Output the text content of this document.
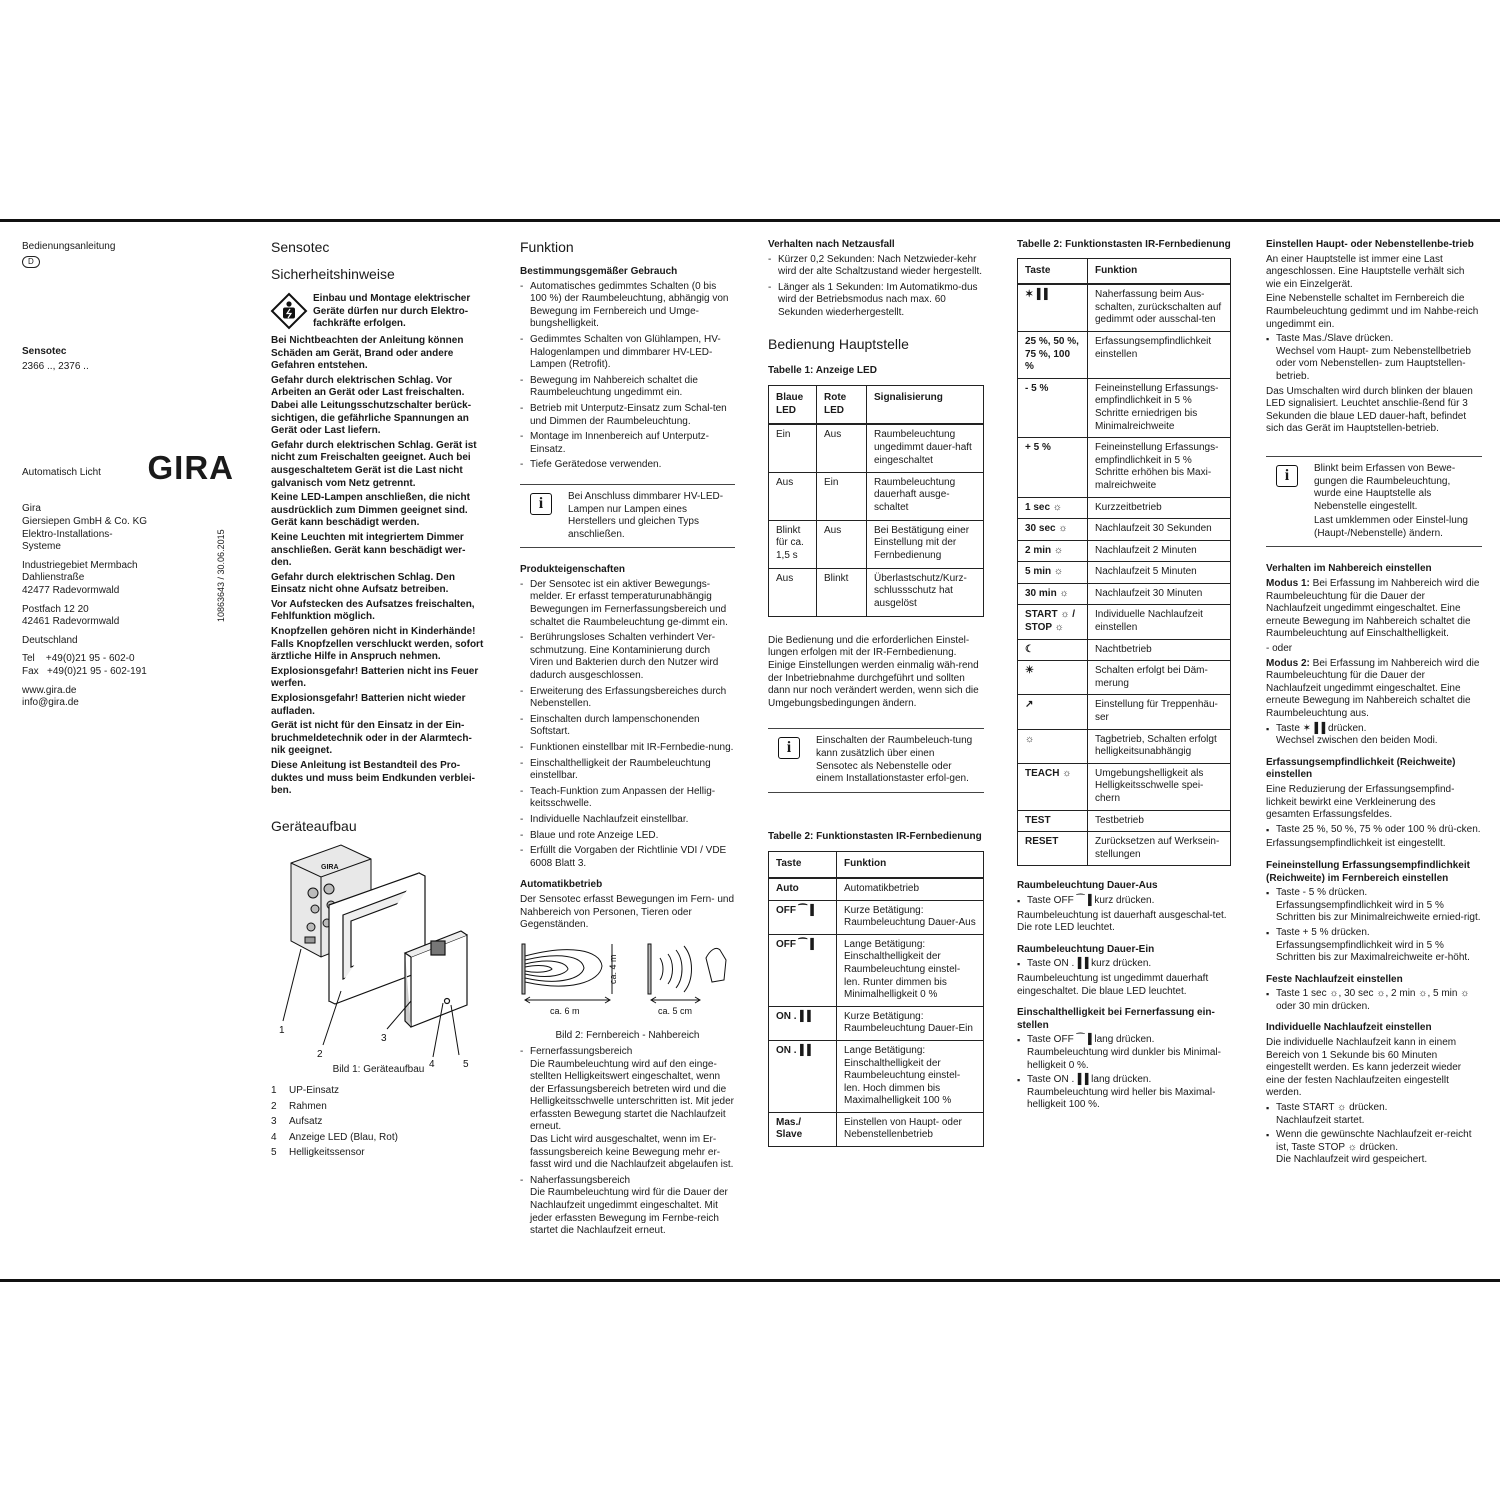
Bedienungsanleitung
D
Sensotec
2366 .., 2376 ..
Automatisch Licht GIRA
Gira
Giersiepen GmbH & Co. KG
Elektro-Installations-
Systeme
Industriegebiet Mermbach
Dahlienstraße
42477 Radevormwald
Postfach 12 20
42461 Radevormwald
Deutschland
Tel    +49(0)21 95 - 602-0
Fax   +49(0)21 95 - 602-191
www.gira.de
info@gira.de
10863643 / 30.06.2015
Sensotec
Sicherheitshinweise
Einbau und Montage elektrischer Geräte dürfen nur durch Elektro-fachkräfte erfolgen.

Bei Nichtbeachten der Anleitung können Schäden am Gerät, Brand oder andere Gefahren entstehen.

Gefahr durch elektrischen Schlag. Vor Arbeiten an Gerät oder Last freischalten. Dabei alle Leitungsschutzschalter berück-sichtigen, die gefährliche Spannungen an Gerät oder Last liefern.

Gefahr durch elektrischen Schlag. Gerät ist nicht zum Freischalten geeignet. Auch bei ausgeschaltetem Gerät ist die Last nicht galvanisch vom Netz getrennt.

Keine LED-Lampen anschließen, die nicht ausdrücklich zum Dimmen geeignet sind. Gerät kann beschädigt werden.

Keine Leuchten mit integriertem Dimmer anschließen. Gerät kann beschädigt wer-den.

Gefahr durch elektrischen Schlag. Den Einsatz nicht ohne Aufsatz betreiben.

Vor Aufstecken des Aufsatzes freischalten, Fehlfunktion möglich.

Knopfzellen gehören nicht in Kinderhände! Falls Knopfzellen verschluckt werden, sofort ärztliche Hilfe in Anspruch nehmen.

Explosionsgefahr! Batterien nicht ins Feuer werfen.

Explosionsgefahr! Batterien nicht wieder aufladen.

Gerät ist nicht für den Einsatz in der Ein-bruchmeldetechnik oder in der Alarmtech-nik geeignet.

Diese Anleitung ist Bestandteil des Pro-duktes und muss beim Endkunden verblei-ben.

Geräteaufbau
GIRA
1
2
3
4	5
Bild 1: Geräteaufbau
1 UP-Einsatz
2 Rahmen
3 Aufsatz
4 Anzeige LED (Blau, Rot)
5 Helligkeitssensor
Funktion
Bestimmungsgemäßer Gebrauch
- Automatisches gedimmtes Schalten (0 bis 100 %) der Raumbeleuchtung, abhängig von Bewegung im Fernbereich und Umge-bungshelligkeit.
- Gedimmtes Schalten von Glühlampen, HV-Halogenlampen und dimmbarer HV-LED-Lampen (Retrofit).
- Bewegung im Nahbereich schaltet die Raumbeleuchtung ungedimmt ein.
- Betrieb mit Unterputz-Einsatz zum Schal-ten und Dimmen der Raumbeleuchtung.
- Montage im Innenbereich auf Unterputz-Einsatz.
- Tiefe Gerätedose verwenden.
i	Bei Anschluss dimmbarer HV-LED-Lampen nur Lampen eines Herstellers und gleichen Typs anschließen.
Produkteigenschaften
- Der Sensotec ist ein aktiver Bewegungs-melder. Er erfasst temperaturunabhängig Bewegungen im Fernerfassungsbereich und schaltet die Raumbeleuchtung ge-dimmt ein.
- Berührungsloses Schalten verhindert Ver-schmutzung. Eine Kontaminierung durch Viren und Bakterien durch den Nutzer wird dadurch ausgeschlossen.
- Erweiterung des Erfassungsbereiches durch Nebenstellen.
- Einschalten durch lampenschonenden Softstart.
- Funktionen einstellbar mit IR-Fernbedie-nung.
- Einschalthelligkeit der Raumbeleuchtung einstellbar.
- Teach-Funktion zum Anpassen der Hellig-keitsschwelle.
- Individuelle Nachlaufzeit einstellbar.
- Blaue und rote Anzeige LED.
- Erfüllt die Vorgaben der Richtlinie VDI / VDE 6008 Blatt 3.
Automatikbetrieb

Der Sensotec erfasst Bewegungen im Fern- und Nahbereich von Personen, Tieren oder Gegenständen.

ca. 4 m
ca. 6 m	ca. 5 cm
Bild 2: Fernbereich - Nahbereich
- Fernerfassungsbereich
Die Raumbeleuchtung wird auf den einge-stellten Helligkeitswert eingeschaltet, wenn der Erfassungsbereich betreten wird und die Helligkeitsschwelle unterschritten ist. Mit jeder erfassten Bewegung startet die Nachlaufzeit erneut.
Das Licht wird ausgeschaltet, wenn im Er-fassungsbereich keine Bewegung mehr er-fasst wird und die Nachlaufzeit abgelaufen ist.
- Naherfassungsbereich
Die Raumbeleuchtung wird für die Dauer der Nachlaufzeit ungedimmt eingeschaltet. Mit jeder erfassten Bewegung im Fernbe-reich startet die Nachlaufzeit erneut.
Verhalten nach Netzausfall
- Kürzer 0,2 Sekunden: Nach Netzwieder-kehr wird der alte Schaltzustand wieder hergestellt.
- Länger als 1 Sekunden: Im Automatikmo-dus wird der Betriebsmodus nach max. 60 Sekunden wiederhergestellt.
Bedienung Hauptstelle
Tabelle 1: Anzeige LED
Blaue LED	Rote LED	Signalisierung
Ein	Aus	Raumbeleuchtung ungedimmt dauer-haft eingeschaltet
Aus	Ein	Raumbeleuchtung dauerhaft ausge-schaltet
Blinkt für ca. 1,5 s	Aus	Bei Bestätigung einer Einstellung mit der Fernbedienung
Aus	Blinkt	Überlastschutz/Kurz-schlussschutz hat ausgelöst

Die Bedienung und die erforderlichen Einstel-lungen erfolgen mit der IR-Fernbedienung. Einige Einstellungen werden einmalig wäh-rend der Inbetriebnahme durchgeführt und sollten dann nur noch verändert werden, wenn sich die Umgebungsbedingungen ändern.

i	Einschalten der Raumbeleuch-tung kann zusätzlich über einen Sensotec als Nebenstelle oder einem Installationstaster erfol-gen.
Tabelle 2: Funktionstasten IR-Fernbedienung
Taste	Funktion
Auto	Automatikbetrieb
OFF ⁀▐	Kurze Betätigung: Raumbeleuchtung Dauer-Aus
OFF ⁀▐	Lange Betätigung: Einschalthelligkeit der Raumbeleuchtung einstel-len. Runter dimmen bis Minimalhelligkeit 0 %
ON .▐▐	Kurze Betätigung: Raumbeleuchtung Dauer-Ein
ON .▐▐	Lange Betätigung: Einschalthelligkeit der Raumbeleuchtung einstel-len. Hoch dimmen bis Maximalhelligkeit 100 %
Mas./ Slave	Einstellen von Haupt- oder Nebenstellenbetrieb
Tabelle 2: Funktionstasten IR-Fernbedienung
Taste	Funktion
✶▐▐	Naherfassung beim Aus-schalten, zurückschalten auf gedimmt oder ausschal-ten
25 %, 50 %, 75 %, 100 %	Erfassungsempfindlichkeit einstellen
- 5 %	Feineinstellung Erfassungs-empfindlichkeit in 5 % Schritte erniedrigen bis Minimalreichweite
+ 5 %	Feineinstellung Erfassungs-empfindlichkeit in 5 % Schritte erhöhen bis Maxi-malreichweite
1 sec ☼	Kurzzeitbetrieb
30 sec ☼	Nachlaufzeit 30 Sekunden
2 min ☼	Nachlaufzeit 2 Minuten
5 min ☼	Nachlaufzeit 5 Minuten
30 min ☼	Nachlaufzeit 30 Minuten
START ☼ / STOP ☼	Individuelle Nachlaufzeit einstellen
☾	Nachtbetrieb
☀	Schalten erfolgt bei Däm-merung
↗	Einstellung für Treppenhäu-ser
☼	Tagbetrieb, Schalten erfolgt helligkeitsunabhängig
TEACH ☼	Umgebungshelligkeit als Helligkeitsschwelle spei-chern
TEST	Testbetrieb
RESET	Zurücksetzen auf Werksein-stellungen
Raumbeleuchtung Dauer-Aus
▪ Taste OFF ⁀▐ kurz drücken.

Raumbeleuchtung ist dauerhaft ausgeschal-tet. Die rote LED leuchtet.

Raumbeleuchtung Dauer-Ein
▪ Taste ON .▐▐ kurz drücken.

Raumbeleuchtung ist ungedimmt dauerhaft eingeschaltet. Die blaue LED leuchtet.

Einschalthelligkeit bei Fernerfassung ein-stellen
▪ Taste OFF ⁀▐ lang drücken.
Raumbeleuchtung wird dunkler bis Minimal-helligkeit 0 %.
▪ Taste ON .▐▐ lang drücken.
Raumbeleuchtung wird heller bis Maximal-helligkeit 100 %.
Einstellen Haupt- oder Nebenstellenbe-trieb

An einer Hauptstelle ist immer eine Last angeschlossen. Eine Hauptstelle verhält sich wie ein Einzelgerät.

Eine Nebenstelle schaltet im Fernbereich die Raumbeleuchtung gedimmt und im Nahbe-reich ungedimmt ein.

▪ Taste Mas./Slave drücken.
Wechsel vom Haupt- zum Nebenstellbetrieb oder vom Nebenstellen- zum Hauptstellen-betrieb.

Das Umschalten wird durch blinken der blauen LED signalisiert. Leuchtet anschlie-ßend für 3 Sekunden die blaue LED dauer-haft, befindet sich das Gerät im Hauptstellen-betrieb.

i	Blinkt beim Erfassen von Bewe-gungen die Raumbeleuchtung, wurde eine Hauptstelle als Nebenstelle eingestellt.
Last umklemmen oder Einstel-lung (Haupt-/Nebenstelle) ändern.
Verhalten im Nahbereich einstellen

Modus 1: Bei Erfassung im Nahbereich wird die Raumbeleuchtung für die Dauer der Nachlaufzeit ungedimmt eingeschaltet. Eine erneute Bewegung im Nahbereich schaltet die Raumbeleuchtung auf Einschalthelligkeit.

- oder

Modus 2: Bei Erfassung im Nahbereich wird die Raumbeleuchtung für die Dauer der Nachlaufzeit ungedimmt eingeschaltet. Eine erneute Bewegung im Nahbereich schaltet die Raumbeleuchtung aus.

▪ Taste ✶▐▐ drücken.
Wechsel zwischen den beiden Modi.
Erfassungsempfindlichkeit (Reichweite) einstellen

Eine Reduzierung der Erfassungsempfind-lichkeit bewirkt eine Verkleinerung des gesamten Erfassungsfeldes.

▪ Taste 25 %, 50 %, 75 % oder 100 % drü-cken.

Erfassungsempfindlichkeit ist eingestellt.

Feineinstellung Erfassungsempfindlichkeit (Reichweite) im Fernbereich einstellen
▪ Taste - 5 % drücken.
Erfassungsempfindlichkeit wird in 5 % Schritten bis zur Minimalreichweite ernied-rigt.
▪ Taste + 5 % drücken.
Erfassungsempfindlichkeit wird in 5 % Schritten bis zur Maximalreichweite er-höht.
Feste Nachlaufzeit einstellen
▪ Taste 1 sec ☼, 30 sec ☼, 2 min ☼, 5 min ☼ oder 30 min drücken.
Individuelle Nachlaufzeit einstellen

Die individuelle Nachlaufzeit kann in einem Bereich von 1 Sekunde bis 60 Minuten eingestellt werden. Es kann jederzeit wieder eine der festen Nachlaufzeiten eingestellt werden.

▪ Taste START ☼ drücken.
Nachlaufzeit startet.
▪ Wenn die gewünschte Nachlaufzeit er-reicht ist, Taste STOP ☼ drücken.
Die Nachlaufzeit wird gespeichert.
